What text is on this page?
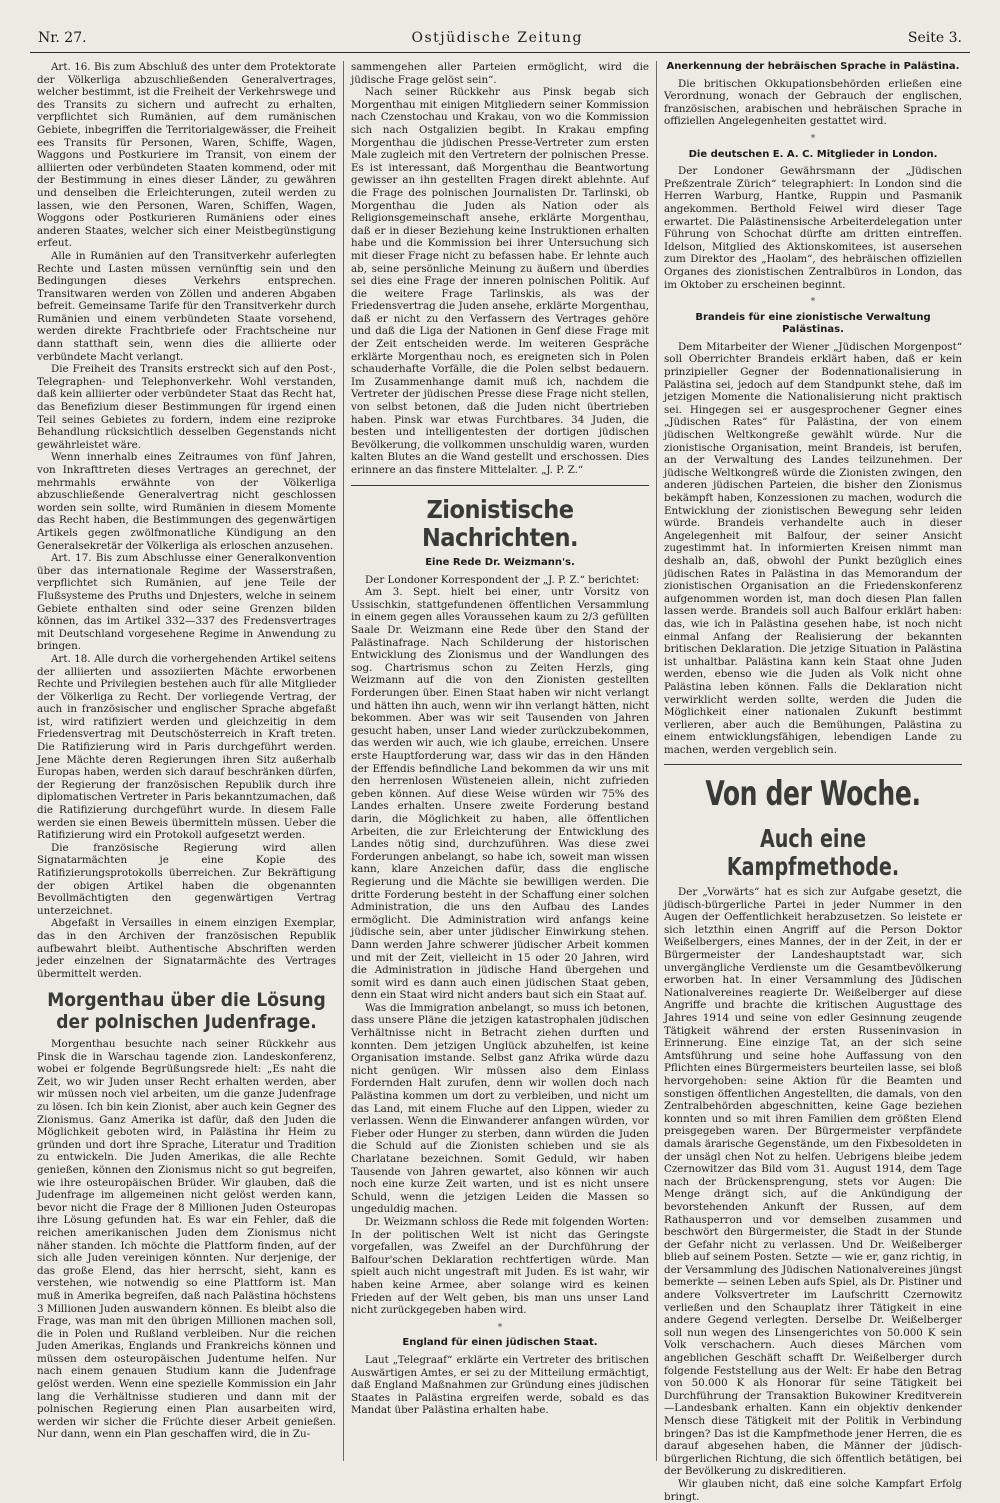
Nr. 27.	Ostjüdische Zeitung	Seite 3.

Art. 16. Bis zum Abschluß des unter dem Protektorate der Völkerliga abzuschließenden Generalvertrages, welcher bestimmt, ist die Freiheit der Verkehrswege und des Transits zu sichern und aufrecht zu erhalten, verpflichtet sich Rumänien, auf dem rumänischen Gebiete, inbegriffen die Territorialgewässer, die Freiheit ees Transits für Personen, Waren, Schiffe, Wagen, Waggons und Postkuriere im Transit, von einem der alliierten oder verbündeten Staaten kommend, oder mit der Bestimmung in eines dieser Länder, zu gewähren und denselben die Erleichterungen, zuteil werden zu lassen, wie den Personen, Waren, Schiffen, Wagen, Woggons oder Postkurieren Rumäniens oder eines anderen Staates, welcher sich einer Meistbegünstigung erfeut.

Alle in Rumänien auf den Transitverkehr auferlegten Rechte und Lasten müssen vernünftig sein und den Bedingungen dieses Verkehrs entsprechen. Transitwaren werden von Zöllen und anderen Abgaben befreit. Gemeinsame Tarife für den Transitverkehr durch Rumänien und einem verbündeten Staate vorsehend, werden direkte Frachtbriefe oder Frachtscheine nur dann statthaft sein, wenn dies die alliierte oder verbündete Macht verlangt.

Die Freiheit des Transits erstreckt sich auf den Post-, Telegraphen- und Telephonverkehr. Wohl verstanden, daß kein alliierter oder verbündeter Staat das Recht hat, das Benefizium dieser Bestimmungen für irgend einen Teil seines Gebietes zu fordern, indem eine reziproke Behandlung rücksichtlich desselben Gegenstands nicht gewährleistet wäre.

Wenn innerhalb eines Zeitraumes von fünf Jahren, von Inkrafttreten dieses Vertrages an gerechnet, der mehrmahls erwähnte von der Völkerliga abzuschließende Generalvertrag nicht geschlossen worden sein sollte, wird Rumänien in diesem Momente das Recht haben, die Bestimmungen des gegenwärtigen Artikels gegen zwölfmonatliche Kündigung an den Generalsekretär der Völkerliga als erloschen anzusehen.

Art. 17. Bis zum Abschlusse einer Generalkonvention über das internationale Regime der Wasserstraßen, verpflichtet sich Rumänien, auf jene Teile der Flußsysteme des Pruths und Dnjesters, welche in seinem Gebiete enthalten sind oder seine Grenzen bilden können, das im Artikel 332—337 des Fredensvertrages mit Deutschland vorgesehene Regime in Anwendung zu bringen.

Art. 18. Alle durch die vorhergehenden Artikel seitens der alliierten und assoziierten Mächte erworbenen Rechte und Privilegien bestehen auch für alle Mitglieder der Völkerliga zu Recht. Der vorliegende Vertrag, der auch in französischer und englischer Sprache abgefaßt ist, wird ratifiziert werden und gleichzeitig in dem Friedensvertrag mit Deutschösterreich in Kraft treten. Die Ratifizierung wird in Paris durchgeführt werden. Jene Mächte deren Regierungen ihren Sitz außerhalb Europas haben, werden sich darauf beschränken dürfen, der Regierung der französischen Republik durch ihre diplomatischen Vertreter in Paris bekanntzumachen, daß die Ratifizierung durchgeführt wurde. In diesem Falle werden sie einen Beweis übermitteln müssen. Ueber die Ratifizierung wird ein Protokoll aufgesetzt werden.

Die französische Regierung wird allen Signatarmächten je eine Kopie des Ratifizierungsprotokolls überreichen. Zur Bekräftigung der obigen Artikel haben die obgenannten Bevollmächtigten den gegenwärtigen Vertrag unterzeichnet.

Abgefaßt in Versailles in einem einzigen Exemplar, das in den Archiven der französischen Republik aufbewahrt bleibt. Authentische Abschriften werden jeder einzelnen der Signatarmächte des Vertrages übermittelt werden.

Morgenthau über die Lösung der polnischen Judenfrage.

Morgenthau besuchte nach seiner Rückkehr aus Pinsk die in Warschau tagende zion. Landeskonferenz, wobei er folgende Begrüßungsrede hielt: „Es naht die Zeit, wo wir Juden unser Recht erhalten werden, aber wir müssen noch viel arbeiten, um die ganze Judenfrage zu lösen. Ich bin kein Zionist, aber auch kein Gegner des Zionismus. Ganz Amerika ist dafür, daß den Juden die Möglichkeit geboten wird, in Palästina ihr Heim zu gründen und dort ihre Sprache, Literatur und Tradition zu entwickeln. Die Juden Amerikas, die alle Rechte genießen, können den Zionismus nicht so gut begreifen, wie ihre osteuropäischen Brüder. Wir glauben, daß die Judenfrage im allgemeinen nicht gelöst werden kann, bevor nicht die Frage der 8 Millionen Juden Osteuropas ihre Lösung gefunden hat. Es war ein Fehler, daß die reichen amerikanischen Juden dem Zionismus nicht näher standen. Ich möchte die Plattform finden, auf der sich alle Juden vereinigen könnten. Nur derjenige, der das große Elend, das hier herrscht, sieht, kann es verstehen, wie notwendig so eine Plattform ist. Man muß in Amerika begreifen, daß nach Palästina höchstens 3 Millionen Juden auswandern können. Es bleibt also die Frage, was man mit den übrigen Millionen machen soll, die in Polen und Rußland verbleiben. Nur die reichen Juden Amerikas, Englands und Frankreichs können und müssen dem osteuropäischen Judentume helfen. Nur nach einem genauen Studium kann die Judenfrage gelöst werden. Wenn eine spezielle Kommission ein Jahr lang die Verhältnisse studieren und dann mit der polnischen Regierung einen Plan ausarbeiten wird, werden wir sicher die Früchte dieser Arbeit genießen. Nur dann, wenn ein Plan geschaffen wird, die in Zu-

sammengehen aller Parteien ermöglicht, wird die jüdische Frage gelöst sein“.

Nach seiner Rückkehr aus Pinsk begab sich Morgenthau mit einigen Mitgliedern seiner Kommission nach Czenstochau und Krakau, von wo die Kommission sich nach Ostgalizien begibt. In Krakau empfing Morgenthau die jüdischen Presse-Vertreter zum ersten Male zugleich mit den Vertretern der polnischen Presse. Es ist interessant, daß Morgenthau die Beantwortung gewisser an ihn gestellten Fragen direkt ablehnte. Auf die Frage des polnischen Journalisten Dr. Tarlinski, ob Morgenthau die Juden als Nation oder als Religionsgemeinschaft ansehe, erklärte Morgenthau, daß er in dieser Beziehung keine Instruktionen erhalten habe und die Kommission bei ihrer Untersuchung sich mit dieser Frage nicht zu befassen habe. Er lehnte auch ab, seine persönliche Meinung zu äußern und überdies sei dies eine Frage der inneren polnischen Politik. Auf die weitere Frage Tarlinskis, als was der Friedensvertrag die Juden ansehe, erklärte Morgenthau, daß er nicht zu den Verfassern des Vertrages gehöre und daß die Liga der Nationen in Genf diese Frage mit der Zeit entscheiden werde. Im weiteren Gespräche erklärte Morgenthau noch, es ereigneten sich in Polen schauderhafte Vorfälle, die die Polen selbst bedauern. Im Zusammenhange damit muß ich, nachdem die Vertreter der jüdischen Presse diese Frage nicht stellen, von selbst betonen, daß die Juden nicht übertrieben haben. Pinsk war etwas Furchtbares. 34 Juden, die besten und intelligentesten der dortigen jüdischen Bevölkerung, die vollkommen unschuldig waren, wurden kalten Blutes an die Wand gestellt und erschossen. Dies erinnere an das finstere Mittelalter. „J. P. Z.“

Zionistische Nachrichten.
Eine Rede Dr. Weizmann's.

Der Londoner Korrespondent der „J. P. Z.“ berichtet:

Am 3. Sept. hielt bei einer, untr Vorsitz von Ussischkin, stattgefundenen öffentlichen Versammlung in einem gegen alles Voraussehen kaum zu 2/3 gefüllten Saale Dr. Weizmann eine Rede über den Stand der Palästinafrage. Nach Schilderung der historischen Entwicklung des Zionismus und der Wandlungen des sog. Chartrismus schon zu Zeiten Herzls, ging Weizmann auf die von den Zionisten gestellten Forderungen über. Einen Staat haben wir nicht verlangt und hätten ihn auch, wenn wir ihn verlangt hätten, nicht bekommen. Aber was wir seit Tausenden von Jahren gesucht haben, unser Land wieder zurückzubekommen, das werden wir auch, wie ich glaube, erreichen. Unsere erste Hauptforderung war, dass wir das in den Händen der Effendis befindliche Land bekommen da wir uns mit den herrenlosen Wüsteneien allein, nicht zufrieden geben können. Auf diese Weise würden wir 75% des Landes erhalten. Unsere zweite Forderung bestand darin, die Möglichkeit zu haben, alle öffentlichen Arbeiten, die zur Erleichterung der Entwicklung des Landes nötig sind, durchzuführen. Was diese zwei Forderungen anbelangt, so habe ich, soweit man wissen kann, klare Anzeichen dafür, dass die englische Regierung und die Mächte sie bewilligen werden. Die dritte Forderung besteht in der Schaffung einer solchen Administration, die uns den Aufbau des Landes ermöglicht. Die Administration wird anfangs keine jüdische sein, aber unter jüdischer Einwirkung stehen. Dann werden Jahre schwerer jüdischer Arbeit kommen und mit der Zeit, vielleicht in 15 oder 20 Jahren, wird die Administration in jüdische Hand übergehen und somit wird es dann auch einen jüdischen Staat geben, denn ein Staat wird nicht anders baut sich ein Staat auf.

Was die Immigration anbelangt, so muss ich betonen, dass unsere Pläne die jetzigen katastrophalen jüdischen Verhältnisse nicht in Betracht ziehen durften und konnten. Dem jetzigen Unglück abzuhelfen, ist keine Organisation imstande. Selbst ganz Afrika würde dazu nicht genügen. Wir müssen also dem Einlass Fordernden Halt zurufen, denn wir wollen doch nach Palästina kommen um dort zu verbleiben, und nicht um das Land, mit einem Fluche auf den Lippen, wieder zu verlassen. Wenn die Einwanderer anfangen würden, vor Fieber oder Hunger zu sterben, dann würden die Juden die Schuld auf die Zionisten schieben und sie als Charlatane bezeichnen. Somit Geduld, wir haben Tausende von Jahren gewartet, also können wir auch noch eine kurze Zeit warten, und ist es nicht unsere Schuld, wenn die jetzigen Leiden die Massen so ungeduldig machen.

Dr. Weizmann schloss die Rede mit folgenden Worten: In der politischen Welt ist nicht das Geringste vorgefallen, was Zweifel an der Durchführung der Balfour'schen Deklaration rechtfertigen würde. Man spielt auch nicht ungestraft mit Juden. Es ist wahr, wir haben keine Armee, aber solange wird es keinen Frieden auf der Welt geben, bis man uns unser Land nicht zurückgegeben haben wird.

*
England für einen jüdischen Staat.

Laut „Telegraaf“ erklärte ein Vertreter des britischen Auswärtigen Amtes, er sei zu der Mitteilung ermächtigt, daß England Maßnahmen zur Gründung eines jüdischen Staates in Palästina ergreifen werde, sobald es das Mandat über Palästina erhalten habe.

Anerkennung der hebräischen Sprache in Palästina.

Die britischen Okkupationsbehörden erließen eine Verordnung, wonach der Gebrauch der englischen, französischen, arabischen und hebräischen Sprache in offiziellen Angelegenheiten gestattet wird.

*
Die deutschen E. A. C. Mitglieder in London.

Der Londoner Gewährsmann der „Jüdischen Preßzentrale Zürich“ telegraphiert: In London sind die Herren Warburg, Hantke, Ruppin und Pasmanik angekommen. Berthold Feiwel wird dieser Tage erwartet. Die Palästinensische Arbeiterdelegation unter Führung von Schochat dürfte am dritten eintreffen. Idelson, Mitglied des Aktionskomitees, ist ausersehen zum Direktor des „Haolam“, des hebräischen offiziellen Organes des zionistischen Zentralbüros in London, das im Oktober zu erscheinen beginnt.

*
Brandeis für eine zionistische Verwaltung Palästinas.

Dem Mitarbeiter der Wiener „Jüdischen Morgenpost“ soll Oberrichter Brandeis erklärt haben, daß er kein prinzipieller Gegner der Bodennationalisierung in Palästina sei, jedoch auf dem Standpunkt stehe, daß im jetzigen Momente die Nationalisierung nicht praktisch sei. Hingegen sei er ausgesprochener Gegner eines „Jüdischen Rates“ für Palästina, der von einem jüdischen Weltkongreße gewählt würde. Nur die zionistische Organisation, meint Brandeis, ist berufen, an der Verwaltung des Landes teilzunehmen. Der jüdische Weltkongreß würde die Zionisten zwingen, den anderen jüdischen Parteien, die bisher den Zionismus bekämpft haben, Konzessionen zu machen, wodurch die Entwicklung der zionistischen Bewegung sehr leiden würde. Brandeis verhandelte auch in dieser Angelegenheit mit Balfour, der seiner Ansicht zugestimmt hat. In informierten Kreisen nimmt man deshalb an, daß, obwohl der Punkt bezüglich eines jüdischen Rates in Palästina in das Memorandum der zionistischen Organisation an die Friedenskonferenz aufgenommen worden ist, man doch diesen Plan fallen lassen werde. Brandeis soll auch Balfour erklärt haben: das, wie ich in Palästina gesehen habe, ist noch nicht einmal Anfang der Realisierung der bekannten britischen Deklaration. Die jetzige Situation in Palästina ist unhaltbar. Palästina kann kein Staat ohne Juden werden, ebenso wie die Juden als Volk nicht ohne Palästina leben können. Falls die Deklaration nicht verwirklicht werden sollte, werden die Juden die Möglichkeit einer nationalen Zukunft bestimmt verlieren, aber auch die Bemühungen, Palästina zu einem entwicklungsfähigen, lebendigen Lande zu machen, werden vergeblich sein.

Von der Woche.
Auch eine Kampfmethode.

Der „Vorwärts“ hat es sich zur Aufgabe gesetzt, die jüdisch-bürgerliche Partei in jeder Nummer in den Augen der Oeffentlichkeit herabzusetzen. So leistete er sich letzthin einen Angriff auf die Person Doktor Weißelbergers, eines Mannes, der in der Zeit, in der er Bürgermeister der Landeshauptstadt war, sich unvergängliche Verdienste um die Gesamtbevölkerung erworben hat. In einer Versammlung des Jüdischen Nationalvereines reagierte Dr. Weißelberger auf diese Angriffe und brachte die kritischen Augusttage des Jahres 1914 und seine von edler Gesinnung zeugende Tätigkeit während der ersten Russeninvasion in Erinnerung. Eine einzige Tat, an der sich seine Amtsführung und seine hohe Auffassung von den Pflichten eines Bürgermeisters beurteilen lasse, sei bloß hervorgehoben: seine Aktion für die Beamten und sonstigen öffentlichen Angestellten, die damals, von den Zentralbehörden abgeschnitten, keine Gage beziehen konnten und so mit ihren Familien dem größten Elend preisgegeben waren. Der Bürgermeister verpfändete damals ärarische Gegenstände, um den Fixbesoldeten in der unsägl chen Not zu helfen. Uebrigens bleibe jedem Czernowitzer das Bild vom 31. August 1914, dem Tage nach der Brückensprengung, stets vor Augen: Die Menge drängt sich, auf die Ankündigung der bevorstehenden Ankunft der Russen, auf dem Rathausperron und vor demselben zusammen und beschwört den Bürgermeister, die Stadt in der Stunde der Gefahr nicht zu verlassen. Und Dr. Weißelberger blieb auf seinem Posten. Setzte — wie er, ganz richtig, in der Versammlung des Jüdischen Nationalvereines jüngst bemerkte — seinen Leben aufs Spiel, als Dr. Pistiner und andere Volksvertreter im Laufschritt Czernowitz verließen und den Schauplatz ihrer Tätigkeit in eine andere Gegend verlegten. Derselbe Dr. Weißelberger soll nun wegen des Linsengerichtes von 50.000 K sein Volk verschachern. Auch dieses Märchen vom angeblichen Geschäft schafft Dr. Weißelberger durch folgende Feststellung aus der Welt: Er habe den Betrag von 50.000 K als Honorar für seine Tätigkeit bei Durchführung der Transaktion Bukowiner Kreditverein—Landesbank erhalten. Kann ein objektiv denkender Mensch diese Tätigkeit mit der Politik in Verbindung bringen? Das ist die Kampfmethode jener Herren, die es darauf abgesehen haben, die Männer der jüdisch-bürgerlichen Richtung, die sich öffentlich betätigen, bei der Bevölkerung zu diskreditieren.

Wir glauben nicht, daß eine solche Kampfart Erfolg bringt.
